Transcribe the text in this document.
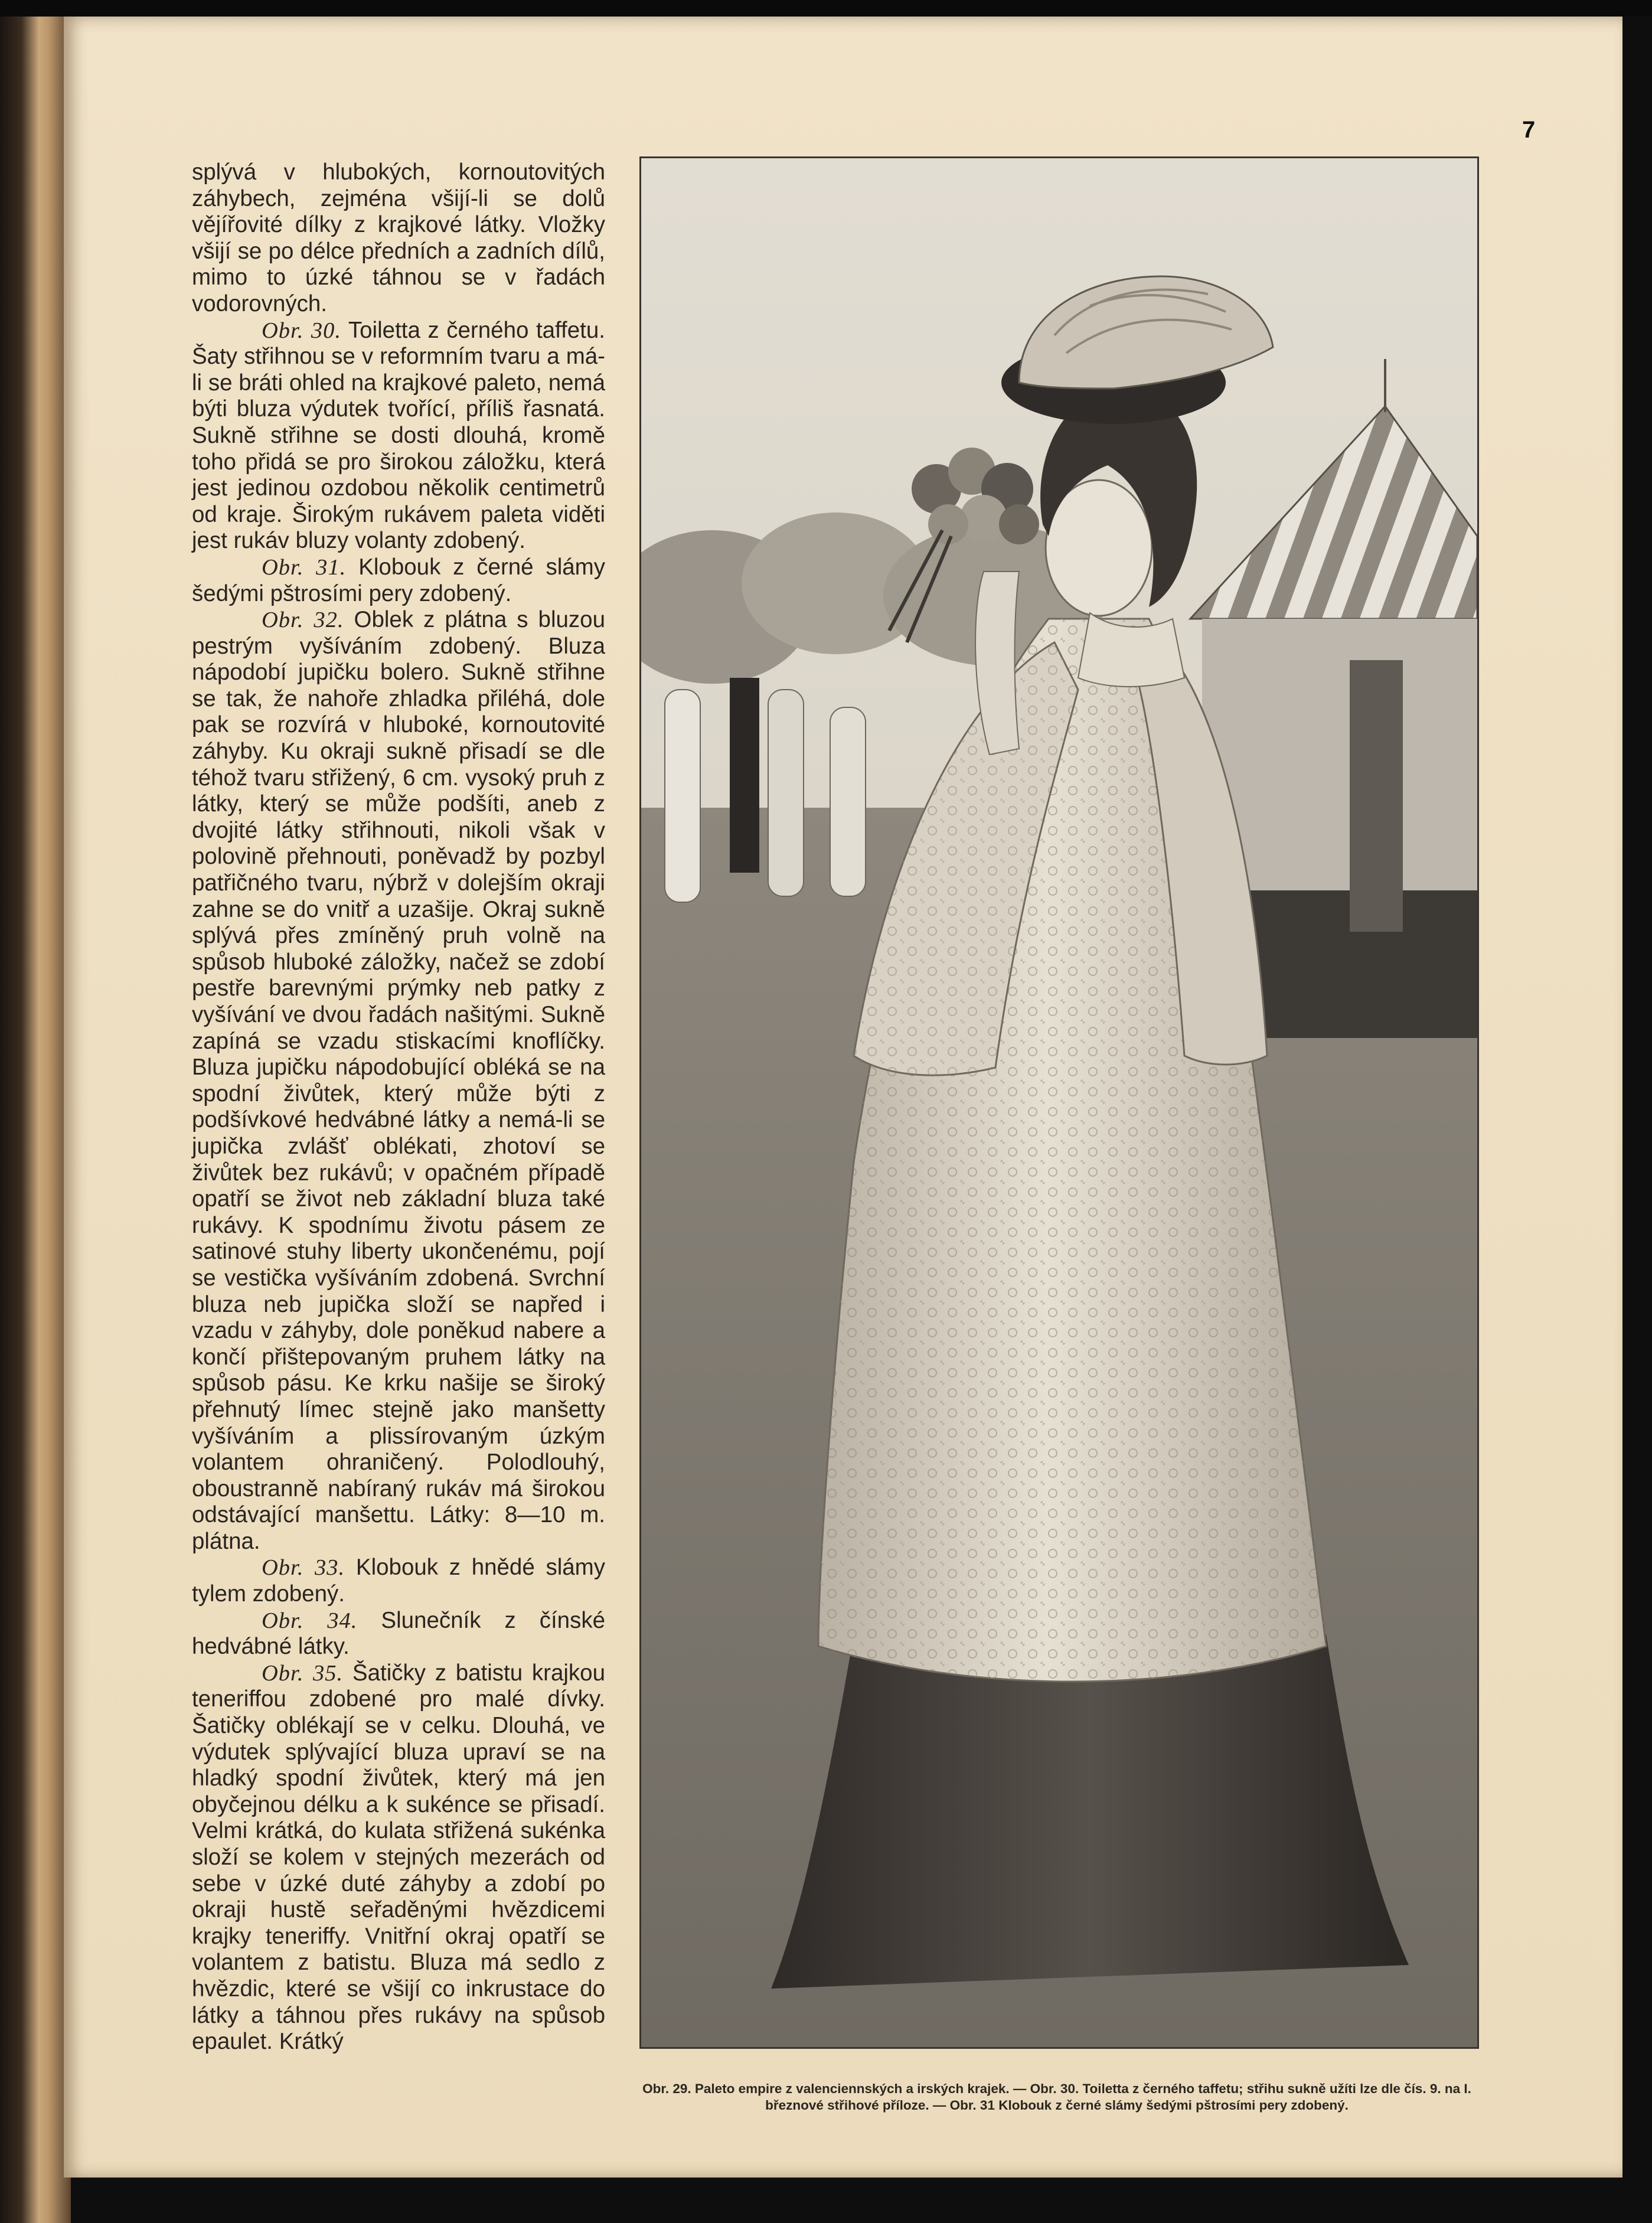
7

splývá v hlubokých, kornoutovitých záhybech, zejména všijí-li se dolů vějířovité dílky z krajkové látky. Vložky všijí se po délce předních a zadních dílů, mimo to úzké táhnou se v řadách vodorovných.

Obr. 30. Toiletta z černého taffetu. Šaty střihnou se v reformním tvaru a má-li se bráti ohled na krajkové paleto, nemá býti bluza výdutek tvořící, příliš řasnatá. Sukně střihne se dosti dlouhá, kromě toho přidá se pro širokou záložku, která jest jedinou ozdobou několik centimetrů od kraje. Širokým rukávem paleta viděti jest rukáv bluzy volanty zdobený.

Obr. 31. Klobouk z černé slámy šedými pštrosími pery zdobený.

Obr. 32. Oblek z plátna s bluzou pestrým vyšíváním zdobený. Bluza nápodobí jupičku bolero. Sukně střihne se tak, že nahoře zhladka přiléhá, dole pak se rozvírá v hluboké, kornoutovité záhyby. Ku okraji sukně přisadí se dle téhož tvaru střižený, 6 cm. vysoký pruh z látky, který se může podšíti, aneb z dvojité látky střihnouti, nikoli však v polovině přehnouti, poněvadž by pozbyl patřičného tvaru, nýbrž v dolejším okraji zahne se do vnitř a uzašije. Okraj sukně splývá přes zmíněný pruh volně na spůsob hluboké záložky, načež se zdobí pestře barevnými prýmky neb patky z vyšívání ve dvou řadách našitými. Sukně zapíná se vzadu stiskacími knoflíčky. Bluza jupičku nápodobující obléká se na spodní živůtek, který může býti z podšívkové hedvábné látky a nemá-li se jupička zvlášť oblékati, zhotoví se živůtek bez rukávů; v opačném případě opatří se život neb základní bluza také rukávy. K spodnímu životu pásem ze satinové stuhy liberty ukončenému, pojí se vestička vyšíváním zdobená. Svrchní bluza neb jupička složí se napřed i vzadu v záhyby, dole poněkud nabere a končí přištepovaným pruhem látky na spůsob pásu. Ke krku našije se široký přehnutý límec stejně jako manšetty vyšíváním a plissírovaným úzkým volantem ohraničený. Polodlouhý, oboustranně nabíraný rukáv má širokou odstávající manšettu. Látky: 8—10 m. plátna.

Obr. 33. Klobouk z hnědé slámy tylem zdobený.

Obr. 34. Slunečník z čínské hedvábné látky.

Obr. 35. Šatičky z batistu krajkou teneriffou zdobené pro malé dívky. Šatičky oblékají se v celku. Dlouhá, ve výdutek splývající bluza upraví se na hladký spodní živůtek, který má jen obyčejnou délku a k sukénce se přisadí. Velmi krátká, do kulata střižená sukénka složí se kolem v stejných mezerách od sebe v úzké duté záhyby a zdobí po okraji hustě seřaděnými hvězdicemi krajky teneriffy. Vnitřní okraj opatří se volantem z batistu. Bluza má sedlo z hvězdic, které se všijí co inkrustace do látky a táhnou přes rukávy na spůsob epaulet. Krátký

Obr. 29. Paleto empire z valenciennských a irských krajek. — Obr. 30. Toiletta z černého taffetu; střihu sukně užíti lze dle čís. 9. na I. březnové střihové příloze. — Obr. 31 Klobouk z černé slámy šedými pštrosími pery zdobený.
